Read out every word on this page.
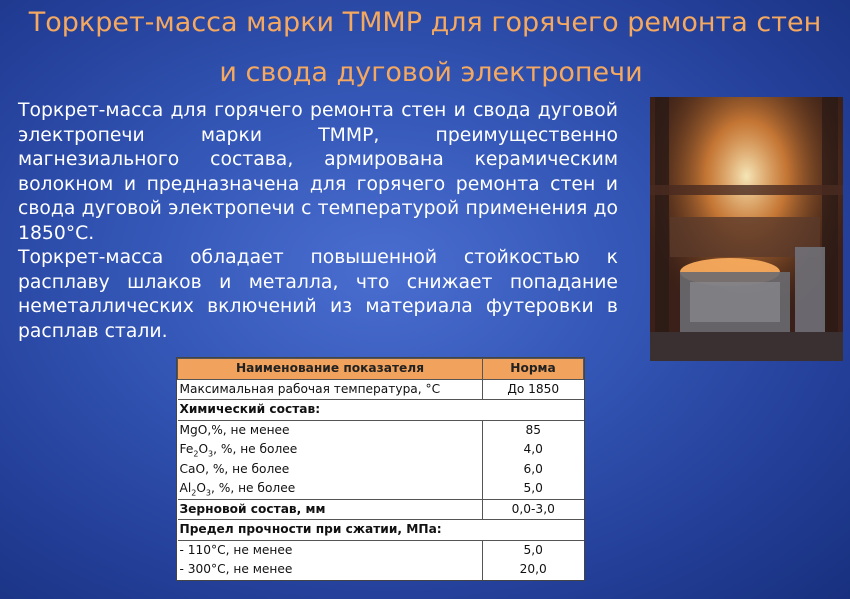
Торкрет-масса марки ТММР для горячего ремонта стен
и свода дуговой электропечи

Торкрет-масса для горячего ремонта стен и свода дуговой электропечи марки ТММР, преимущественно магнезиального состава, армирована керамическим волокном и предназначена для горячего ремонта стен и свода дуговой электропечи с температурой применения до 1850°С.

Торкрет-масса обладает повышенной стойкостью к расплаву шлаков и металла, что снижает попадание неметаллических включений из материала футеровки в расплав стали.

Наименование показателя	Норма
Максимальная рабочая температура, °С	До 1850
Химический состав:	
MgO,%, не менее	85
$Fe_2O_3$, %, не более	4,0
CaO, %, не более	6,0
$Al_2O_3$, %, не более	5,0
Зерновой состав, мм	0,0-3,0
Предел прочности при сжатии, МПа:	
- 110°С, не менее	5,0
- 300°С, не менее	20,0
